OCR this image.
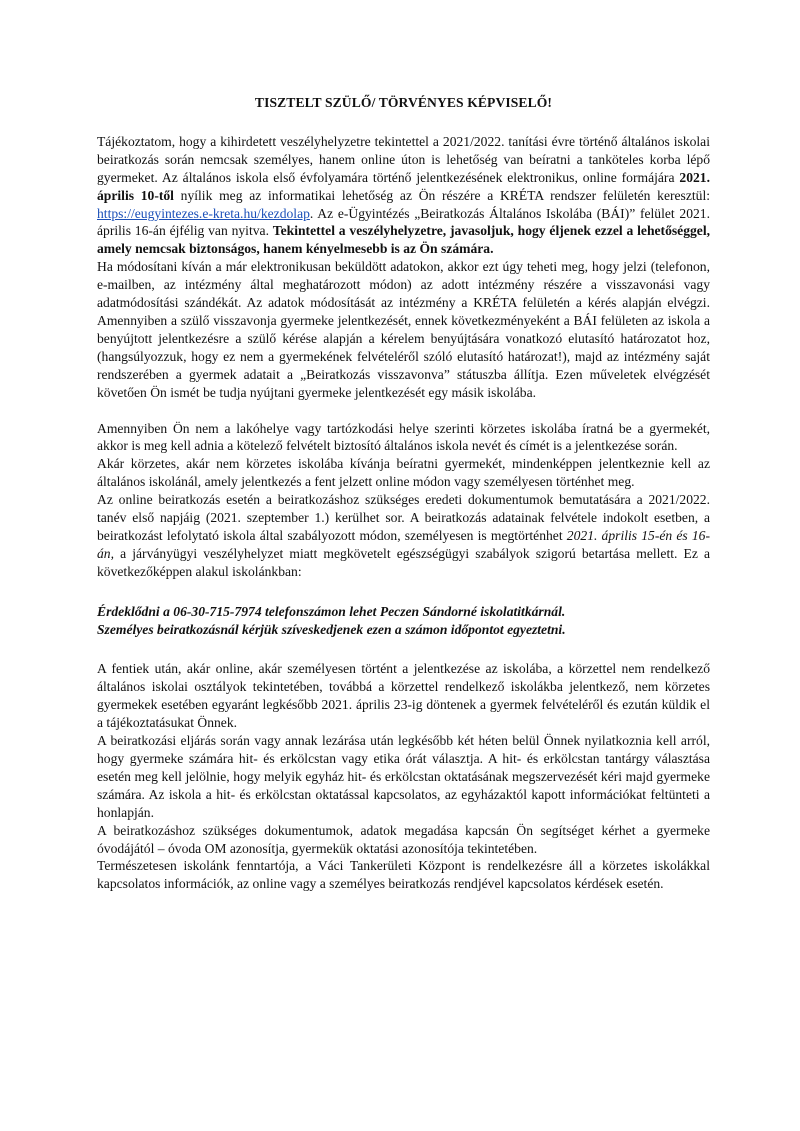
TISZTELT SZÜLŐ/ TÖRVÉNYES KÉPVISELŐ!

Tájékoztatom, hogy a kihirdetett veszélyhelyzetre tekintettel a 2021/2022. tanítási évre történő általános iskolai beiratkozás során nemcsak személyes, hanem online úton is lehetőség van beíratni a tanköteles korba lépő gyermeket. Az általános iskola első évfolyamára történő jelentkezésének elektronikus, online formájára 2021. április 10-től nyílik meg az informatikai lehetőség az Ön részére a KRÉTA rendszer felületén keresztül: https://eugyintezes.e-kreta.hu/kezdolap. Az e-Ügyintézés „Beiratkozás Általános Iskolába (BÁI)” felület 2021. április 16-án éjfélig van nyitva. Tekintettel a veszélyhelyzetre, javasoljuk, hogy éljenek ezzel a lehetőséggel, amely nemcsak biztonságos, hanem kényelmesebb is az Ön számára.

Ha módosítani kíván a már elektronikusan beküldött adatokon, akkor ezt úgy teheti meg, hogy jelzi (telefonon, e-mailben, az intézmény által meghatározott módon) az adott intézmény részére a visszavonási vagy adatmódosítási szándékát. Az adatok módosítását az intézmény a KRÉTA felületén a kérés alapján elvégzi. Amennyiben a szülő visszavonja gyermeke jelentkezését, ennek következményeként a BÁI felületen az iskola a benyújtott jelentkezésre a szülő kérése alapján a kérelem benyújtására vonatkozó elutasító határozatot hoz, (hangsúlyozzuk, hogy ez nem a gyermekének felvételéről szóló elutasító határozat!), majd az intézmény saját rendszerében a gyermek adatait a „Beiratkozás visszavonva” státuszba állítja. Ezen műveletek elvégzését követően Ön ismét be tudja nyújtani gyermeke jelentkezését egy másik iskolába.

Amennyiben Ön nem a lakóhelye vagy tartózkodási helye szerinti körzetes iskolába íratná be a gyermekét, akkor is meg kell adnia a kötelező felvételt biztosító általános iskola nevét és címét is a jelentkezése során.

Akár körzetes, akár nem körzetes iskolába kívánja beíratni gyermekét, mindenképpen jelentkeznie kell az általános iskolánál, amely jelentkezés a fent jelzett online módon vagy személyesen történhet meg.

Az online beiratkozás esetén a beiratkozáshoz szükséges eredeti dokumentumok bemutatására a 2021/2022. tanév első napjáig (2021. szeptember 1.) kerülhet sor. A beiratkozás adatainak felvétele indokolt esetben, a beiratkozást lefolytató iskola által szabályozott módon, személyesen is megtörténhet 2021. április 15-én és 16-án, a járványügyi veszélyhelyzet miatt megkövetelt egészségügyi szabályok szigorú betartása mellett. Ez a következőképpen alakul iskolánkban:

Érdeklődni a 06-30-715-7974 telefonszámon lehet Peczen Sándorné iskolatitkárnál.

Személyes beiratkozásnál kérjük szíveskedjenek ezen a számon időpontot egyeztetni.

A fentiek után, akár online, akár személyesen történt a jelentkezése az iskolába, a körzettel nem rendelkező általános iskolai osztályok tekintetében, továbbá a körzettel rendelkező iskolákba jelentkező, nem körzetes gyermekek esetében egyaránt legkésőbb 2021. április 23-ig döntenek a gyermek felvételéről és ezután küldik el a tájékoztatásukat Önnek.

A beiratkozási eljárás során vagy annak lezárása után legkésőbb két héten belül Önnek nyilatkoznia kell arról, hogy gyermeke számára hit- és erkölcstan vagy etika órát választja. A hit- és erkölcstan tantárgy választása esetén meg kell jelölnie, hogy melyik egyház hit- és erkölcstan oktatásának megszervezését kéri majd gyermeke számára. Az iskola a hit- és erkölcstan oktatással kapcsolatos, az egyházaktól kapott információkat feltünteti a honlapján.

A beiratkozáshoz szükséges dokumentumok, adatok megadása kapcsán Ön segítséget kérhet a gyermeke óvodájától – óvoda OM azonosítja, gyermekük oktatási azonosítója tekintetében.

Természetesen iskolánk fenntartója, a Váci Tankerületi Központ is rendelkezésre áll a körzetes iskolákkal kapcsolatos információk, az online vagy a személyes beiratkozás rendjével kapcsolatos kérdések esetén.
